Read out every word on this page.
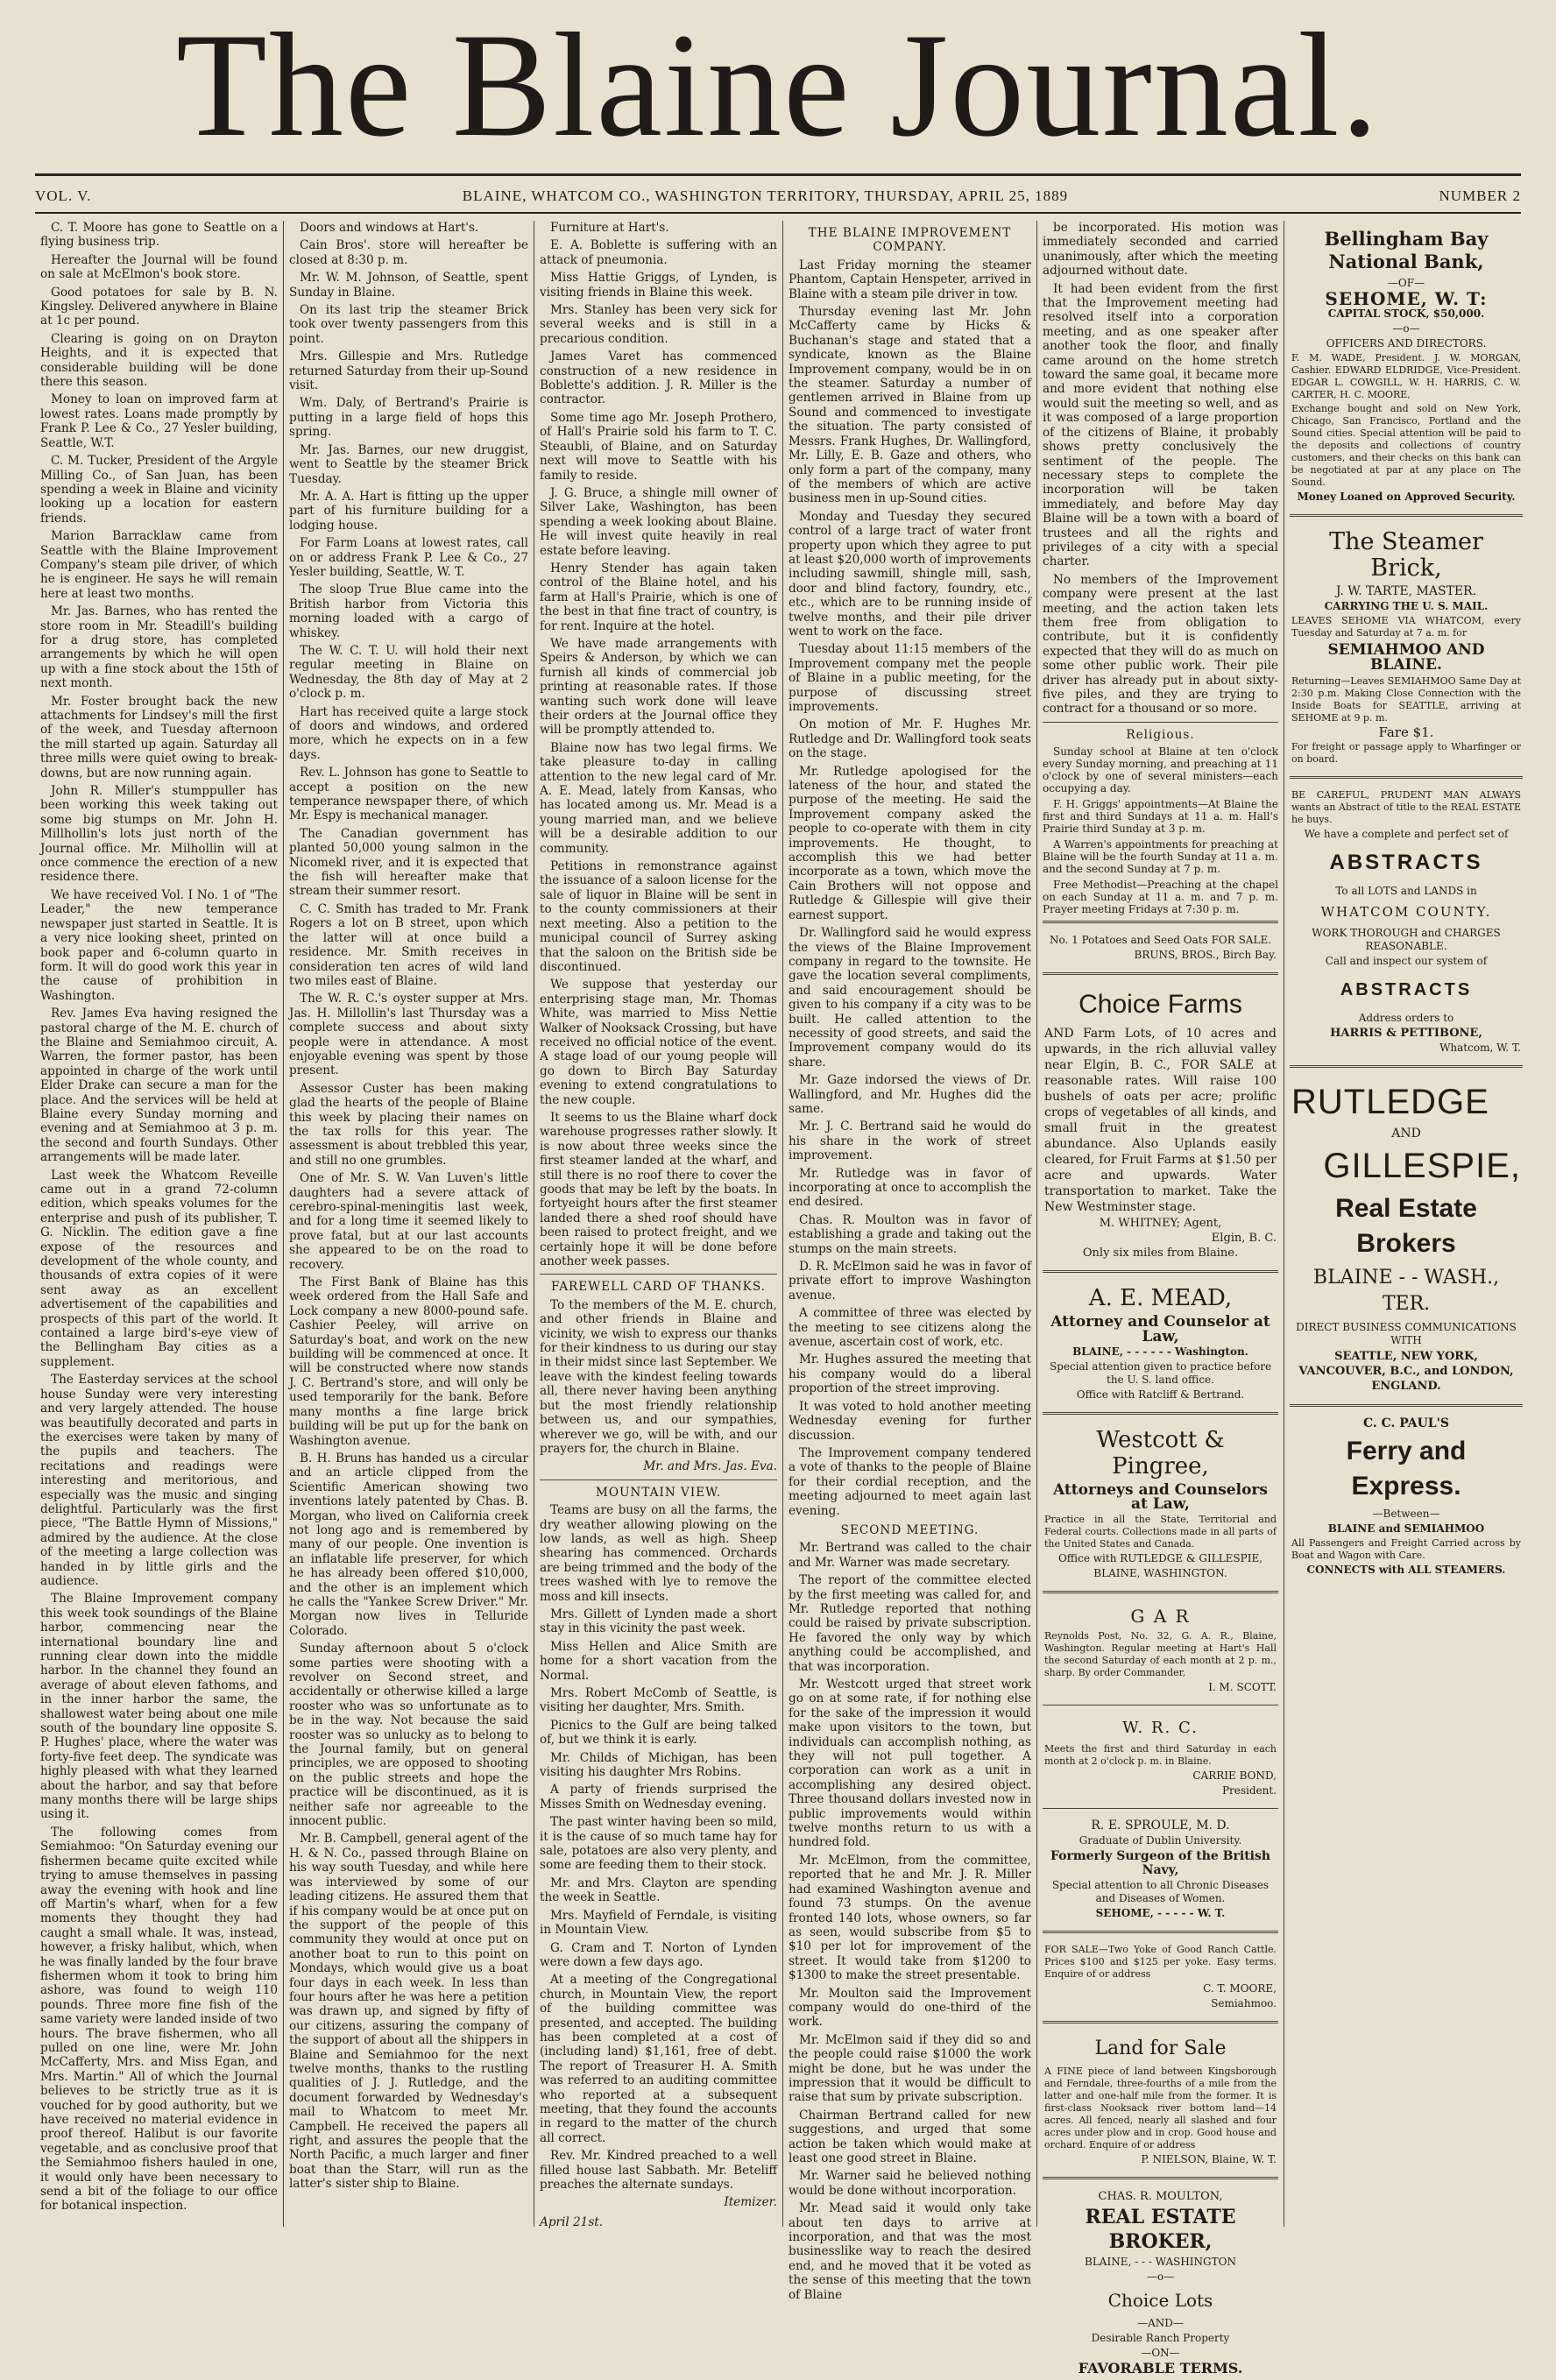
The Blaine Journal.
VOL. V.	BLAINE, WHATCOM CO., WASHINGTON TERRITORY, THURSDAY, APRIL 25, 1889	NUMBER 2

C. T. Moore has gone to Seattle on a flying business trip.

Hereafter the Journal will be found on sale at McElmon's book store.

Good potatoes for sale by B. N. Kingsley. Delivered anywhere in Blaine at 1c per pound.

Clearing is going on on Drayton Heights, and it is expected that considerable building will be done there this season.

Money to loan on improved farm at lowest rates. Loans made promptly by Frank P. Lee & Co., 27 Yesler building, Seattle, W.T.

C. M. Tucker, President of the Argyle Milling Co., of San Juan, has been spending a week in Blaine and vicinity looking up a location for eastern friends.

Marion Barracklaw came from Seattle with the Blaine Improvement Company's steam pile driver, of which he is engineer. He says he will remain here at least two months.

Mr. Jas. Barnes, who has rented the store room in Mr. Steadill's building for a drug store, has completed arrangements by which he will open up with a fine stock about the 15th of next month.

Mr. Foster brought back the new attachments for Lindsey's mill the first of the week, and Tuesday afternoon the mill started up again. Saturday all three mills were quiet owing to break-downs, but are now running again.

John R. Miller's stumppuller has been working this week taking out some big stumps on Mr. John H. Millhollin's lots just north of the Journal office. Mr. Milhollin will at once commence the erection of a new residence there.

We have received Vol. I No. 1 of "The Leader," the new temperance newspaper just started in Seattle. It is a very nice looking sheet, printed on book paper and 6-column quarto in form. It will do good work this year in the cause of prohibition in Washington.

Rev. James Eva having resigned the pastoral charge of the M. E. church of the Blaine and Semiahmoo circuit, A. Warren, the former pastor, has been appointed in charge of the work until Elder Drake can secure a man for the place. And the services will be held at Blaine every Sunday morning and evening and at Semiahmoo at 3 p. m. the second and fourth Sundays. Other arrangements will be made later.

Last week the Whatcom Reveille came out in a grand 72-column edition, which speaks volumes for the enterprise and push of its publisher, T. G. Nicklin. The edition gave a fine expose of the resources and development of the whole county, and thousands of extra copies of it were sent away as an excellent advertisement of the capabilities and prospects of this part of the world. It contained a large bird's-eye view of the Bellingham Bay cities as a supplement.

The Easterday services at the school house Sunday were very interesting and very largely attended. The house was beautifully decorated and parts in the exercises were taken by many of the pupils and teachers. The recitations and readings were interesting and meritorious, and especially was the music and singing delightful. Particularly was the first piece, "The Battle Hymn of Missions," admired by the audience. At the close of the meeting a large collection was handed in by little girls and the audience.

The Blaine Improvement company this week took soundings of the Blaine harbor, commencing near the international boundary line and running clear down into the middle harbor. In the channel they found an average of about eleven fathoms, and in the inner harbor the same, the shallowest water being about one mile south of the boundary line opposite S. P. Hughes' place, where the water was forty-five feet deep. The syndicate was highly pleased with what they learned about the harbor, and say that before many months there will be large ships using it.

The following comes from Semiahmoo: "On Saturday evening our fishermen became quite excited while trying to amuse themselves in passing away the evening with hook and line off Martin's wharf, when for a few moments they thought they had caught a small whale. It was, instead, however, a frisky halibut, which, when he was finally landed by the four brave fishermen whom it took to bring him ashore, was found to weigh 110 pounds. Three more fine fish of the same variety were landed inside of two hours. The brave fishermen, who all pulled on one line, were Mr. John McCafferty, Mrs. and Miss Egan, and Mrs. Martin." All of which the Journal believes to be strictly true as it is vouched for by good authority, but we have received no material evidence in proof thereof. Halibut is our favorite vegetable, and as conclusive proof that the Semiahmoo fishers hauled in one, it would only have been necessary to send a bit of the foliage to our office for botanical inspection.

Doors and windows at Hart's.

Cain Bros'. store will hereafter be closed at 8:30 p. m.

Mr. W. M. Johnson, of Seattle, spent Sunday in Blaine.

On its last trip the steamer Brick took over twenty passengers from this point.

Mrs. Gillespie and Mrs. Rutledge returned Saturday from their up-Sound visit.

Wm. Daly, of Bertrand's Prairie is putting in a large field of hops this spring.

Mr. Jas. Barnes, our new druggist, went to Seattle by the steamer Brick Tuesday.

Mr. A. A. Hart is fitting up the upper part of his furniture building for a lodging house.

For Farm Loans at lowest rates, call on or address Frank P. Lee & Co., 27 Yesler building, Seattle, W. T.

The sloop True Blue came into the British harbor from Victoria this morning loaded with a cargo of whiskey.

The W. C. T. U. will hold their next regular meeting in Blaine on Wednesday, the 8th day of May at 2 o'clock p. m.

Hart has received quite a large stock of doors and windows, and ordered more, which he expects on in a few days.

Rev. L. Johnson has gone to Seattle to accept a position on the new temperance newspaper there, of which Mr. Espy is mechanical manager.

The Canadian government has planted 50,000 young salmon in the Nicomekl river, and it is expected that the fish will hereafter make that stream their summer resort.

C. C. Smith has traded to Mr. Frank Rogers a lot on B street, upon which the latter will at once build a residence. Mr. Smith receives in consideration ten acres of wild land two miles east of Blaine.

The W. R. C.'s oyster supper at Mrs. Jas. H. Millollin's last Thursday was a complete success and about sixty people were in attendance. A most enjoyable evening was spent by those present.

Assessor Custer has been making glad the hearts of the people of Blaine this week by placing their names on the tax rolls for this year. The assessment is about trebbled this year, and still no one grumbles.

One of Mr. S. W. Van Luven's little daughters had a severe attack of cerebro-spinal-meningitis last week, and for a long time it seemed likely to prove fatal, but at our last accounts she appeared to be on the road to recovery.

The First Bank of Blaine has this week ordered from the Hall Safe and Lock company a new 8000-pound safe. Cashier Peeley, will arrive on Saturday's boat, and work on the new building will be commenced at once. It will be constructed where now stands J. C. Bertrand's store, and will only be used temporarily for the bank. Before many months a fine large brick building will be put up for the bank on Washington avenue.

B. H. Bruns has handed us a circular and an article clipped from the Scientific American showing two inventions lately patented by Chas. B. Morgan, who lived on California creek not long ago and is remembered by many of our people. One invention is an inflatable life preserver, for which he has already been offered $10,000, and the other is an implement which he calls the "Yankee Screw Driver." Mr. Morgan now lives in Telluride Colorado.

Sunday afternoon about 5 o'clock some parties were shooting with a revolver on Second street, and accidentally or otherwise killed a large rooster who was so unfortunate as to be in the way. Not because the said rooster was so unlucky as to belong to the Journal family, but on general principles, we are opposed to shooting on the public streets and hope the practice will be discontinued, as it is neither safe nor agreeable to the innocent public.

Mr. B. Campbell, general agent of the H. & N. Co., passed through Blaine on his way south Tuesday, and while here was interviewed by some of our leading citizens. He assured them that if his company would be at once put on the support of the people of this community they would at once put on another boat to run to this point on Mondays, which would give us a boat four days in each week. In less than four hours after he was here a petition was drawn up, and signed by fifty of our citizens, assuring the company of the support of about all the shippers in Blaine and Semiahmoo for the next twelve months, thanks to the rustling qualities of J. J. Rutledge, and the document forwarded by Wednesday's mail to Whatcom to meet Mr. Campbell. He received the papers all right, and assures the people that the North Pacific, a much larger and finer boat than the Starr, will run as the latter's sister ship to Blaine.

Furniture at Hart's.

E. A. Boblette is suffering with an attack of pneumonia.

Miss Hattie Griggs, of Lynden, is visiting friends in Blaine this week.

Mrs. Stanley has been very sick for several weeks and is still in a precarious condition.

James Varet has commenced construction of a new residence in Boblette's addition. J. R. Miller is the contractor.

Some time ago Mr. Joseph Prothero, of Hall's Prairie sold his farm to T. C. Steaubli, of Blaine, and on Saturday next will move to Seattle with his family to reside.

J. G. Bruce, a shingle mill owner of Silver Lake, Washington, has been spending a week looking about Blaine. He will invest quite heavily in real estate before leaving.

Henry Stender has again taken control of the Blaine hotel, and his farm at Hall's Prairie, which is one of the best in that fine tract of country, is for rent. Inquire at the hotel.

We have made arrangements with Speirs & Anderson, by which we can furnish all kinds of commercial job printing at reasonable rates. If those wanting such work done will leave their orders at the Journal office they will be promptly attended to.

Blaine now has two legal firms. We take pleasure to-day in calling attention to the new legal card of Mr. A. E. Mead, lately from Kansas, who has located among us. Mr. Mead is a young married man, and we believe will be a desirable addition to our community.

Petitions in remonstrance against the issuance of a saloon license for the sale of liquor in Blaine will be sent in to the county commissioners at their next meeting. Also a petition to the municipal council of Surrey asking that the saloon on the British side be discontinued.

We suppose that yesterday our enterprising stage man, Mr. Thomas White, was married to Miss Nettie Walker of Nooksack Crossing, but have received no official notice of the event. A stage load of our young people will go down to Birch Bay Saturday evening to extend congratulations to the new couple.

It seems to us the Blaine wharf dock warehouse progresses rather slowly. It is now about three weeks since the first steamer landed at the wharf, and still there is no roof there to cover the goods that may be left by the boats. In fortyeight hours after the first steamer landed there a shed roof should have been raised to protect freight, and we certainly hope it will be done before another week passes.

FAREWELL CARD OF THANKS.

To the members of the M. E. church, and other friends in Blaine and vicinity, we wish to express our thanks for their kindness to us during our stay in their midst since last September. We leave with the kindest feeling towards all, there never having been anything but the most friendly relationship between us, and our sympathies, wherever we go, will be with, and our prayers for, the church in Blaine.

Mr. and Mrs. Jas. Eva.
MOUNTAIN VIEW.

Teams are busy on all the farms, the dry weather allowing plowing on the low lands, as well as high. Sheep shearing has commenced. Orchards are being trimmed and the body of the trees washed with lye to remove the moss and kill insects.

Mrs. Gillett of Lynden made a short stay in this vicinity the past week.

Miss Hellen and Alice Smith are home for a short vacation from the Normal.

Mrs. Robert McComb of Seattle, is visiting her daughter, Mrs. Smith.

Picnics to the Gulf are being talked of, but we think it is early.

Mr. Childs of Michigan, has been visiting his daughter Mrs Robins.

A party of friends surprised the Misses Smith on Wednesday evening.

The past winter having been so mild, it is the cause of so much tame hay for sale, potatoes are also very plenty, and some are feeding them to their stock.

Mr. and Mrs. Clayton are spending the week in Seattle.

Mrs. Mayfield of Ferndale, is visiting in Mountain View.

G. Cram and T. Norton of Lynden were down a few days ago.

At a meeting of the Congregational church, in Mountain View, the report of the building committee was presented, and accepted. The building has been completed at a cost of (including land) $1,161, free of debt. The report of Treasurer H. A. Smith was referred to an auditing committee who reported at a subsequent meeting, that they found the accounts in regard to the matter of the church all correct.

Rev. Mr. Kindred preached to a well filled house last Sabbath. Mr. Beteliff preaches the alternate sundays.

Itemizer.
April 21st.
THE BLAINE IMPROVEMENT COMPANY.

Last Friday morning the steamer Phantom, Captain Henspeter, arrived in Blaine with a steam pile driver in tow.

Thursday evening last Mr. John McCafferty came by Hicks & Buchanan's stage and stated that a syndicate, known as the Blaine Improvement company, would be in on the steamer. Saturday a number of gentlemen arrived in Blaine from up Sound and commenced to investigate the situation. The party consisted of Messrs. Frank Hughes, Dr. Wallingford, Mr. Lilly, E. B. Gaze and others, who only form a part of the company, many of the members of which are active business men in up-Sound cities.

Monday and Tuesday they secured control of a large tract of water front property upon which they agree to put at least $20,000 worth of improvements including sawmill, shingle mill, sash, door and blind factory, foundry, etc., etc., which are to be running inside of twelve months, and their pile driver went to work on the face.

Tuesday about 11:15 members of the Improvement company met the people of Blaine in a public meeting, for the purpose of discussing street improvements.

On motion of Mr. F. Hughes Mr. Rutledge and Dr. Wallingford took seats on the stage.

Mr. Rutledge apologised for the lateness of the hour, and stated the purpose of the meeting. He said the Improvement company asked the people to co-operate with them in city improvements. He thought, to accomplish this we had better incorporate as a town, which move the Cain Brothers will not oppose and Rutledge & Gillespie will give their earnest support.

Dr. Wallingford said he would express the views of the Blaine Improvement company in regard to the townsite. He gave the location several compliments, and said encouragement should be given to his company if a city was to be built. He called attention to the necessity of good streets, and said the Improvement company would do its share.

Mr. Gaze indorsed the views of Dr. Wallingford, and Mr. Hughes did the same.

Mr. J. C. Bertrand said he would do his share in the work of street improvement.

Mr. Rutledge was in favor of incorporating at once to accomplish the end desired.

Chas. R. Moulton was in favor of establishing a grade and taking out the stumps on the main streets.

D. R. McElmon said he was in favor of private effort to improve Washington avenue.

A committee of three was elected by the meeting to see citizens along the avenue, ascertain cost of work, etc.

Mr. Hughes assured the meeting that his company would do a liberal proportion of the street improving.

It was voted to hold another meeting Wednesday evening for further discussion.

The Improvement company tendered a vote of thanks to the people of Blaine for their cordial reception, and the meeting adjourned to meet again last evening.

SECOND MEETING.

Mr. Bertrand was called to the chair and Mr. Warner was made secretary.

The report of the committee elected by the first meeting was called for, and Mr. Rutledge reported that nothing could be raised by private subscription. He favored the only way by which anything could be accomplished, and that was incorporation.

Mr. Westcott urged that street work go on at some rate, if for nothing else for the sake of the impression it would make upon visitors to the town, but individuals can accomplish nothing, as they will not pull together. A corporation can work as a unit in accomplishing any desired object. Three thousand dollars invested now in public improvements would within twelve months return to us with a hundred fold.

Mr. McElmon, from the committee, reported that he and Mr. J. R. Miller had examined Washington avenue and found 73 stumps. On the avenue fronted 140 lots, whose owners, so far as seen, would subscribe from $5 to $10 per lot for improvement of the street. It would take from $1200 to $1300 to make the street presentable.

Mr. Moulton said the Improvement company would do one-third of the work.

Mr. McElmon said if they did so and the people could raise $1000 the work might be done, but he was under the impression that it would be difficult to raise that sum by private subscription.

Chairman Bertrand called for new suggestions, and urged that some action be taken which would make at least one good street in Blaine.

Mr. Warner said he believed nothing would be done without incorporation.

Mr. Mead said it would only take about ten days to arrive at incorporation, and that was the most businesslike way to reach the desired end, and he moved that it be voted as the sense of this meeting that the town of Blaine

be incorporated. His motion was immediately seconded and carried unanimously, after which the meeting adjourned without date.

It had been evident from the first that the Improvement meeting had resolved itself into a corporation meeting, and as one speaker after another took the floor, and finally came around on the home stretch toward the same goal, it became more and more evident that nothing else would suit the meeting so well, and as it was composed of a large proportion of the citizens of Blaine, it probably shows pretty conclusively the sentiment of the people. The necessary steps to complete the incorporation will be taken immediately, and before May day Blaine will be a town with a board of trustees and all the rights and privileges of a city with a special charter.

No members of the Improvement company were present at the last meeting, and the action taken lets them free from obligation to contribute, but it is confidently expected that they will do as much on some other public work. Their pile driver has already put in about sixty-five piles, and they are trying to contract for a thousand or so more.

Religious.

Sunday school at Blaine at ten o'clock every Sunday morning, and preaching at 11 o'clock by one of several ministers—each occupying a day.

F. H. Griggs' appointments—At Blaine the first and third Sundays at 11 a. m. Hall's Prairie third Sunday at 3 p. m.

A Warren's appointments for preaching at Blaine will be the fourth Sunday at 11 a. m. and the second Sunday at 7 p. m.

Free Methodist—Preaching at the chapel on each Sunday at 11 a. m. and 7 p. m. Prayer meeting Fridays at 7:30 p. m.

No. 1 Potatoes and Seed Oats FOR SALE.
BRUNS, BROS., Birch Bay.
Choice Farms
AND Farm Lots, of 10 acres and upwards, in the rich alluvial valley near Elgin, B. C., FOR SALE at reasonable rates. Will raise 100 bushels of oats per acre; prolific crops of vegetables of all kinds, and small fruit in the greatest abundance. Also Uplands easily cleared, for Fruit Farms at $1.50 per acre and upwards. Water transportation to market. Take the New Westminster stage.
M. WHITNEY; Agent,
Elgin, B. C.
Only six miles from Blaine.
A. E. MEAD,
Attorney and Counselor at Law,
BLAINE, - - - - - - Washington.
Special attention given to practice before the U. S. land office.
Office with Ratcliff & Bertrand.
Westcott & Pingree,
Attorneys and Counselors at Law,
Practice in all the State, Territorial and Federal courts. Collections made in all parts of the United States and Canada.
Office with RUTLEDGE & GILLESPIE,
BLAINE, WASHINGTON.
G A R
Reynolds Post, No. 32, G. A. R., Blaine, Washington. Regular meeting at Hart's Hall the second Saturday of each month at 2 p. m., sharp. By order Commander,
I. M. SCOTT.
W. R. C.
Meets the first and third Saturday in each month at 2 o'clock p. m. in Blaine.
CARRIE BOND,
President.
R. E. SPROULE, M. D.
Graduate of Dublin University.
Formerly Surgeon of the British Navy,
Special attention to all Chronic Diseases and Diseases of Women.
SEHOME, - - - - - W. T.
FOR SALE—Two Yoke of Good Ranch Cattle. Prices $100 and $125 per yoke. Easy terms. Enquire of or address
C. T. MOORE,
Semiahmoo.
Land for Sale
A FINE piece of land between Kingsborough and Ferndale, three-fourths of a mile from the latter and one-half mile from the former. It is first-class Nooksack river bottom land—14 acres. All fenced, nearly all slashed and four acres under plow and in crop. Good house and orchard. Enquire of or address
P. NIELSON, Blaine, W. T.
CHAS. R. MOULTON,
REAL ESTATE BROKER,
BLAINE, - - - WASHINGTON
—o—
Choice Lots
—AND—
Desirable Ranch Property
—ON—
FAVORABLE TERMS.
Bellingham Bay National Bank,
—OF—
SEHOME, W. T:
CAPITAL STOCK, $50,000.
—o—
OFFICERS AND DIRECTORS.
F. M. WADE, President. J. W. MORGAN, Cashier. EDWARD ELDRIDGE, Vice-President. EDGAR L. COWGILL, W. H. HARRIS, C. W. CARTER, H. C. MOORE,
Exchange bought and sold on New York, Chicago, San Francisco, Portland and the Sound cities. Special attention will be paid to the deposits and collections of country customers, and their checks on this bank can be negotiated at par at any place on The Sound.
Money Loaned on Approved Security.
The Steamer Brick,
J. W. TARTE, MASTER.
CARRYING THE U. S. MAIL.
LEAVES SEHOME VIA WHATCOM, every Tuesday and Saturday at 7 a. m. for
SEMIAHMOO AND BLAINE.
Returning—Leaves SEMIAHMOO Same Day at 2:30 p.m. Making Close Connection with the Inside Boats for SEATTLE, arriving at SEHOME at 9 p. m.
Fare $1.
For freight or passage apply to Wharfinger or on board.
BE CAREFUL, PRUDENT MAN ALWAYS wants an Abstract of title to the REAL ESTATE he buys.
We have a complete and perfect set of
ABSTRACTS
To all LOTS and LANDS in
WHATCOM COUNTY.
WORK THOROUGH and CHARGES REASONABLE.
Call and inspect our system of
ABSTRACTS
Address orders to
HARRIS & PETTIBONE,
Whatcom, W. T.
RUTLEDGE
AND
GILLESPIE,
Real Estate Brokers
BLAINE - - WASH., TER.
DIRECT BUSINESS COMMUNICATIONS WITH
SEATTLE, NEW YORK, VANCOUVER, B.C., and LONDON, ENGLAND.
C. C. PAUL'S
Ferry and Express.
—Between—
BLAINE and SEMIAHMOO
All Passengers and Freight Carried across by Boat and Wagon with Care.
CONNECTS with ALL STEAMERS.
